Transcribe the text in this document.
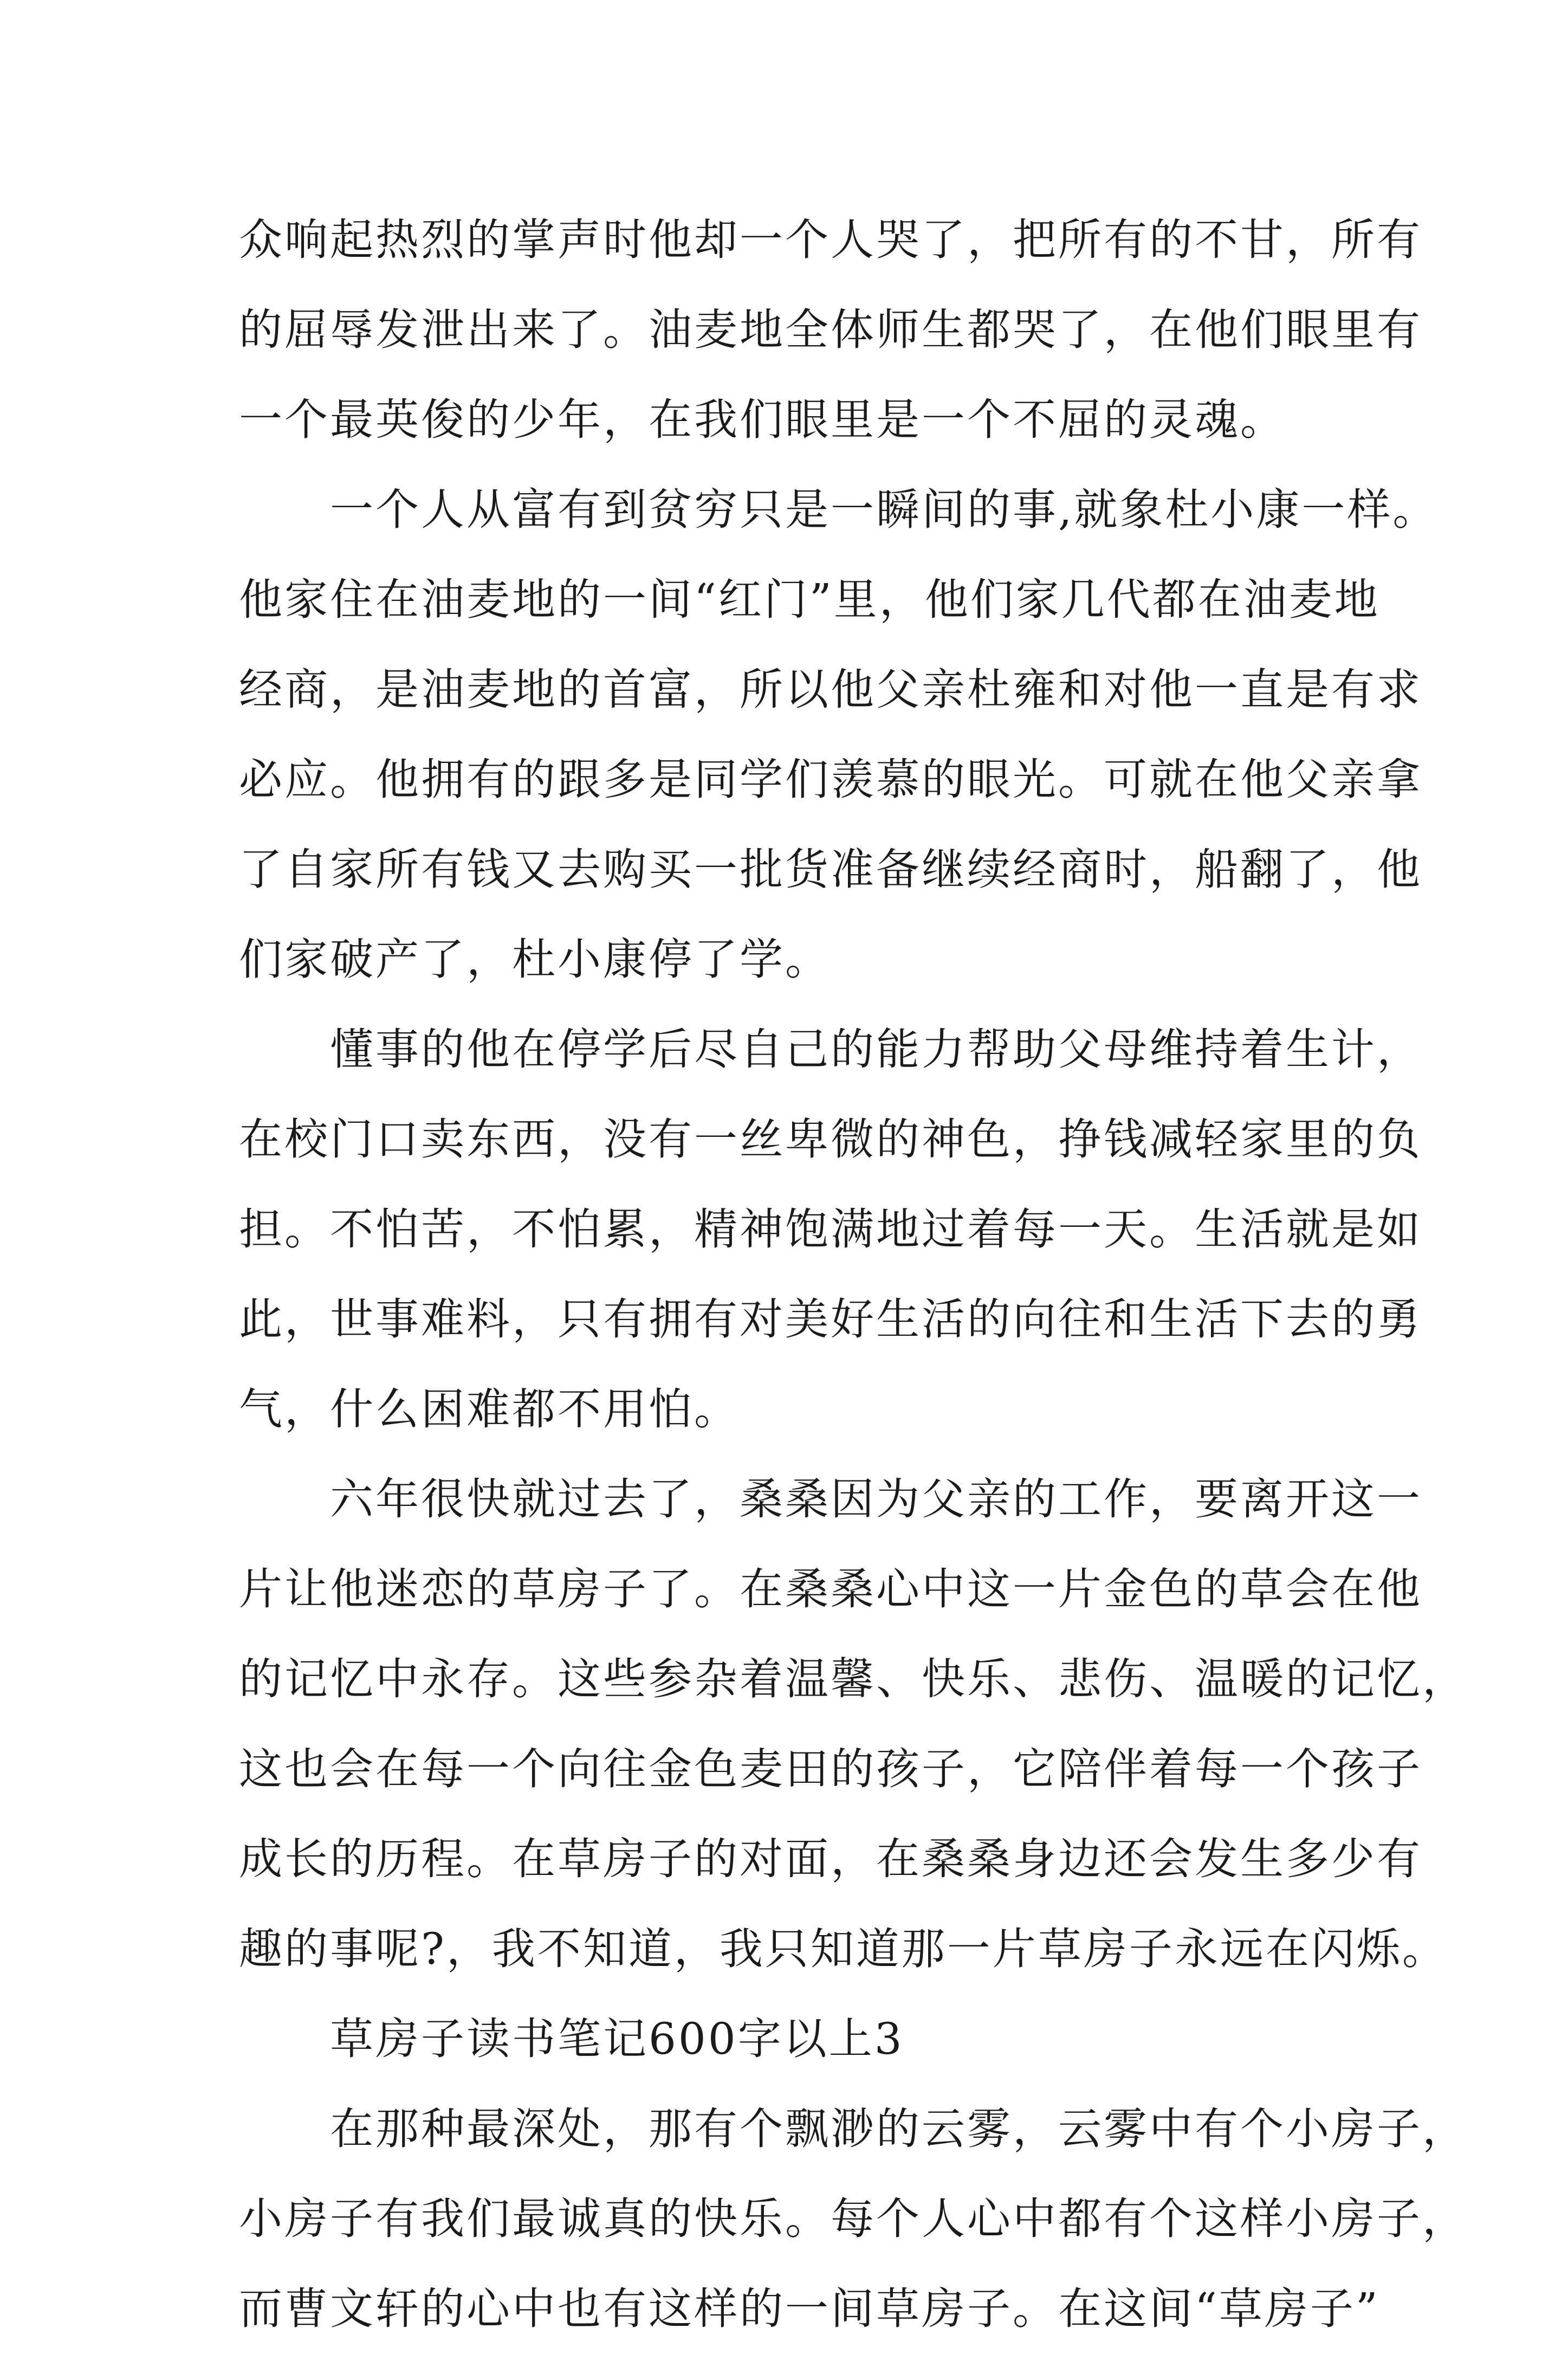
众响起热烈的掌声时他却一个人哭了，把所有的不甘，所有
的屈辱发泄出来了。油麦地全体师生都哭了，在他们眼里有
一个最英俊的少年，在我们眼里是一个不屈的灵魂。
　　一个人从富有到贫穷只是一瞬间的事,就象杜小康一样。
他家住在油麦地的一间“红门”里，他们家几代都在油麦地
经商，是油麦地的首富，所以他父亲杜雍和对他一直是有求
必应。他拥有的跟多是同学们羡慕的眼光。可就在他父亲拿
了自家所有钱又去购买一批货准备继续经商时，船翻了，他
们家破产了，杜小康停了学。
　　懂事的他在停学后尽自己的能力帮助父母维持着生计，
在校门口卖东西，没有一丝卑微的神色，挣钱减轻家里的负
担。不怕苦，不怕累，精神饱满地过着每一天。生活就是如
此，世事难料，只有拥有对美好生活的向往和生活下去的勇
气，什么困难都不用怕。
　　六年很快就过去了，桑桑因为父亲的工作，要离开这一
片让他迷恋的草房子了。在桑桑心中这一片金色的草会在他
的记忆中永存。这些参杂着温馨、快乐、悲伤、温暖的记忆，
这也会在每一个向往金色麦田的孩子，它陪伴着每一个孩子
成长的历程。在草房子的对面，在桑桑身边还会发生多少有
趣的事呢?，我不知道，我只知道那一片草房子永远在闪烁。
　　草房子读书笔记600字以上3
　　在那种最深处，那有个飘渺的云雾，云雾中有个小房子，
小房子有我们最诚真的快乐。每个人心中都有个这样小房子，
而曹文轩的心中也有这样的一间草房子。在这间“草房子”
